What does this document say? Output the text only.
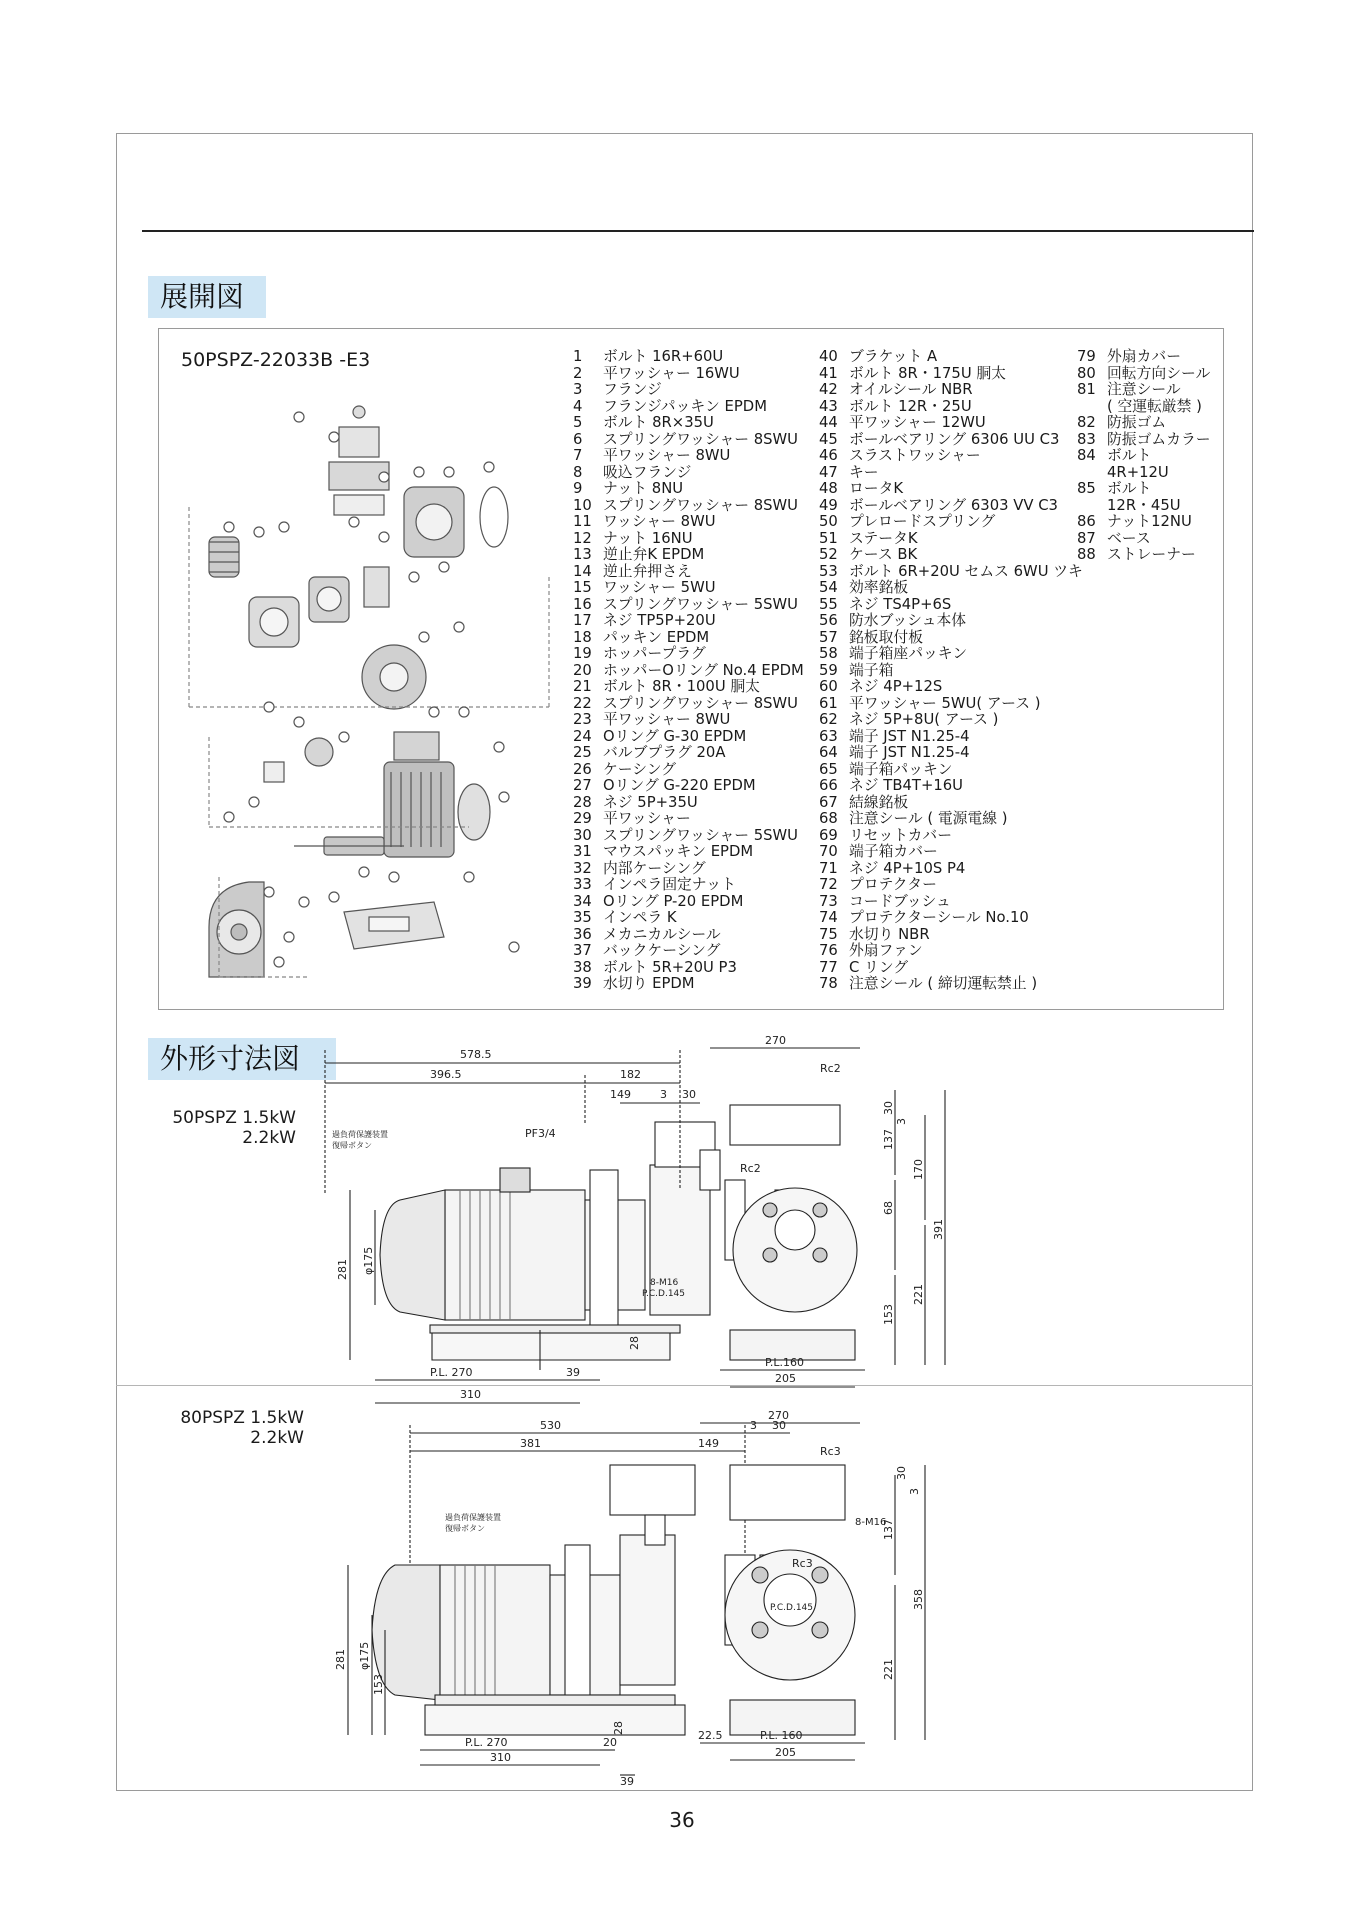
展開図
50PSPZ-22033B -E3	1	ボルト 16R+60U
2	平ワッシャー 16WU
3	フランジ
4	フランジパッキン EPDM
5	ボルト 8R×35U
6	スプリングワッシャー 8SWU
7	平ワッシャー 8WU
8	吸込フランジ
9	ナット 8NU
10 スプリングワッシャー 8SWU
11 ワッシャー 8WU
12 ナット 16NU
13 逆止弁K EPDM
14 逆止弁押さえ
15 ワッシャー 5WU
16 スプリングワッシャー 5SWU
17 ネジ TP5P+20U
18 パッキン EPDM
19 ホッパープラグ
20 ホッパーOリング No.4 EPDM
21 ボルト 8R・100U 胴太
22 スプリングワッシャー 8SWU
23 平ワッシャー 8WU
24 Oリング G-30 EPDM
25 バルブプラグ 20A
26 ケーシング
27 Oリング G-220 EPDM
28 ネジ 5P+35U
29 平ワッシャー
30 スプリングワッシャー 5SWU
31 マウスパッキン EPDM
32 内部ケーシング
33 インペラ固定ナット
34 Oリング P-20 EPDM
35 インペラ K
36 メカニカルシール
37 バックケーシング
38 ボルト 5R+20U P3
39 水切り EPDM
40 ブラケット A
41 ボルト 8R・175U 胴太
42 オイルシール NBR
43 ボルト 12R・25U
44 平ワッシャー 12WU
45 ボールベアリング 6306 UU C3
46 スラストワッシャー
47 キー
48 ロータK
49 ボールベアリング 6303 VV C3
50 プレロードスプリング
51 ステータK
52 ケース BK
53 ボルト 6R+20U セムス 6WU ツキ
54 効率銘板
55 ネジ TS4P+6S
56 防水ブッシュ本体
57 銘板取付板
58 端子箱座パッキン
59 端子箱
60 ネジ 4P+12S
61 平ワッシャー 5WU( アース )
62 ネジ 5P+8U( アース )
63 端子 JST N1.25-4
64 端子 JST N1.25-4
65 端子箱パッキン
66 ネジ TB4T+16U
67 結線銘板
68 注意シール ( 電源電線 )
69 リセットカバー
70 端子箱カバー
71 ネジ 4P+10S P4
72 プロテクター
73 コードブッシュ
74 プロテクターシール No.10
75 水切り NBR
76 外扇ファン
77 C リング
78 注意シール ( 締切運転禁止 )
79 外扇カバー
80 回転方向シール
81 注意シール
( 空運転厳禁 )
82 防振ゴム
83 防振ゴムカラー
84 ボルト
4R+12U
85 ボルト
12R・45U
86 ナット12NU
87 ベース
88 ストレーナー
外形寸法図
50PSPZ 1.5kW
2.2kW
578.5
396.5	182
149	3 30
過負荷保護装置
復帰ボタン
PF3/4
Rc2
281 φ175
28
P.L. 270
310
39
270
Rc2
30
3
137
170
68
391
153
221
8-M16
P.C.D.145
P.L.160
205
80PSPZ 1.5kW
2.2kW
530
381	149
3 30
過負荷保護装置
復帰ボタン
Rc3
281 φ175
153
28
P.L. 270
310
20
39
270
Rc3
30
3
8-M16
P.C.D.145
137
358
221
22.5	P.L. 160
205
36
